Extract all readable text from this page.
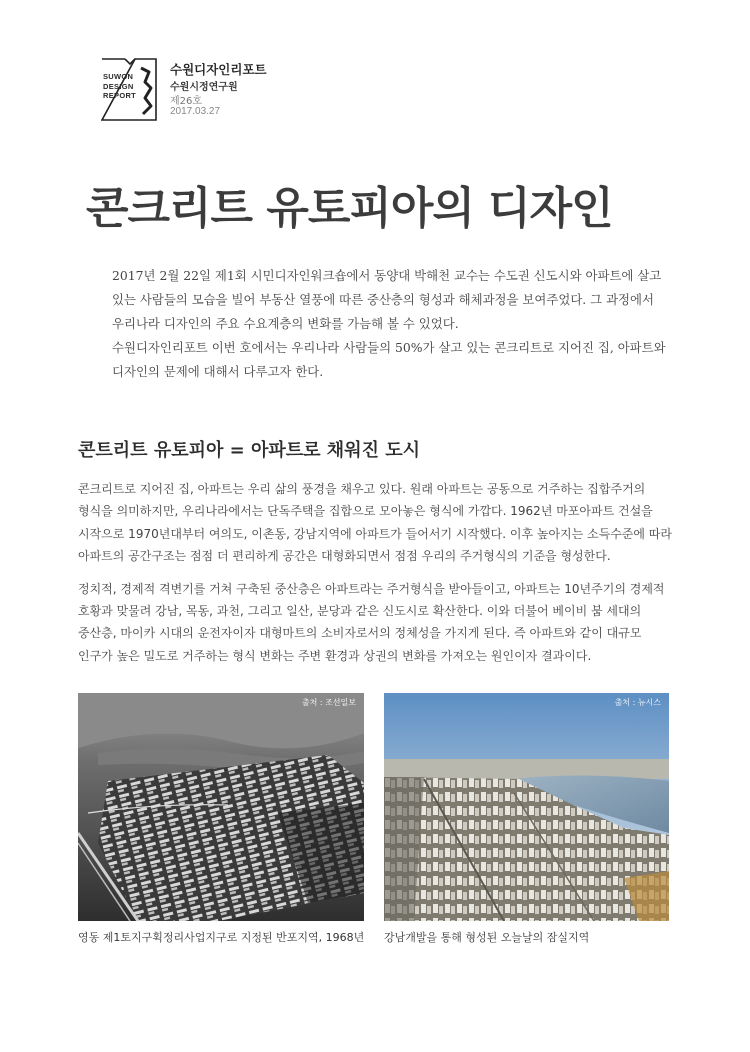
SUWON
DESIGN
REPORT
수원디자인리포트
수원시정연구원
제26호
2017.03.27
콘크리트 유토피아의 디자인

2017년 2월 22일 제1회 시민디자인워크숍에서 동양대 박해천 교수는 수도권 신도시와 아파트에 살고

있는 사람들의 모습을 빌어 부동산 열풍에 따른 중산층의 형성과 해체과정을 보여주었다. 그 과정에서

우리나라 디자인의 주요 수요계층의 변화를 가늠해 볼 수 있었다.

수원디자인리포트 이번 호에서는 우리나라 사람들의 50%가 살고 있는 콘크리트로 지어진 집, 아파트와

디자인의 문제에 대해서 다루고자 한다.

콘트리트 유토피아 = 아파트로 채워진 도시

콘크리트로 지어진 집, 아파트는 우리 삶의 풍경을 채우고 있다. 원래 아파트는 공동으로 거주하는 집합주거의

형식을 의미하지만, 우리나라에서는 단독주택을 집합으로 모아놓은 형식에 가깝다. 1962년 마포아파트 건설을

시작으로 1970년대부터 여의도, 이촌동, 강남지역에 아파트가 들어서기 시작했다. 이후 높아지는 소득수준에 따라

아파트의 공간구조는 점점 더 편리하게 공간은 대형화되면서 점점 우리의 주거형식의 기준을 형성한다.

정치적, 경제적 격변기를 거쳐 구축된 중산층은 아파트라는 주거형식을 받아들이고, 아파트는 10년주기의 경제적

호황과 맞물려 강남, 목동, 과천, 그리고 일산, 분당과 같은 신도시로 확산한다. 이와 더불어 베이비 붐 세대의

중산층, 마이카 시대의 운전자이자 대형마트의 소비자로서의 정체성을 가지게 된다. 즉 아파트와 같이 대규모

인구가 높은 밀도로 거주하는 형식 변화는 주변 환경과 상권의 변화를 가져오는 원인이자 결과이다.

출처 : 조선일보	출처 : 뉴시스
영동 제1토지구획정리사업지구로 지정된 반포지역, 1968년 강남개발을 통해 형성된 오늘날의 잠실지역
